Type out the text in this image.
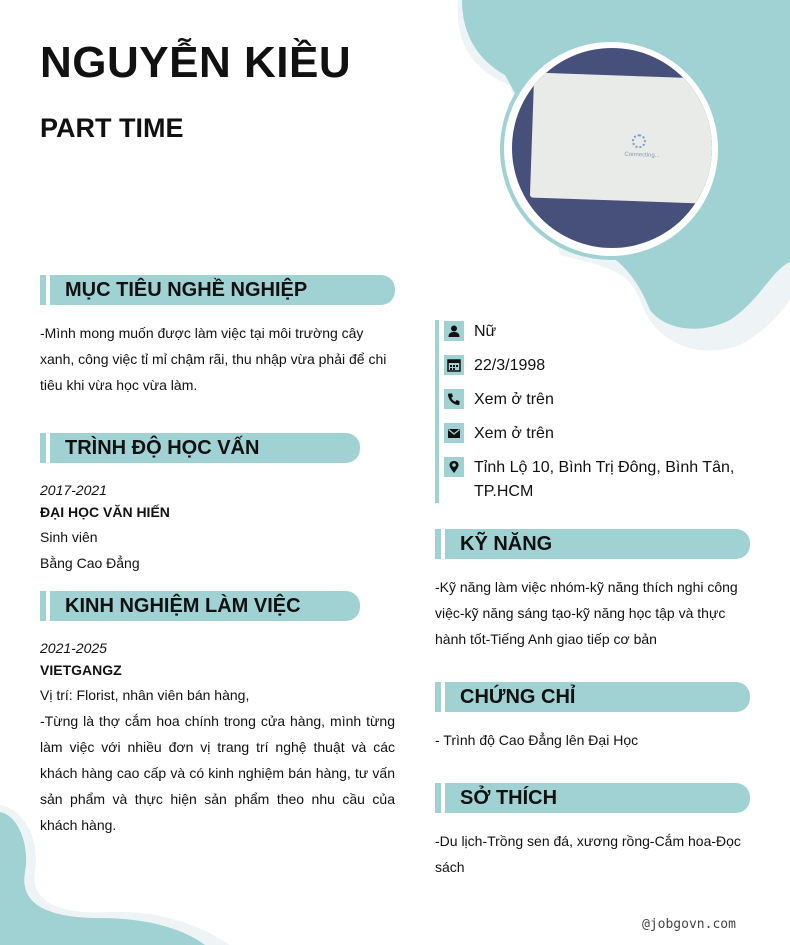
NGUYỄN KIỀU
PART TIME
Connecting...
MỤC TIÊU NGHỀ NGHIỆP
-Mình mong muốn được làm việc tại môi trường cây
xanh, công việc tỉ mỉ chậm rãi, thu nhập vừa phải để chi
tiêu khi vừa học vừa làm.
TRÌNH ĐỘ HỌC VẤN
2017-2021
ĐẠI HỌC VĂN HIẾN
Sinh viên
Bằng Cao Đẳng
KINH NGHIỆM LÀM VIỆC
2021-2025
VIETGANGZ
Vị trí: Florist, nhân viên bán hàng,

-Từng là thợ cắm hoa chính trong cửa hàng, mình từng làm việc với nhiều đơn vị trang trí nghệ thuật và các khách hàng cao cấp và có kinh nghiệm bán hàng, tư vấn sản phẩm và thực hiện sản phẩm theo nhu cầu của khách hàng.

Nữ
22/3/1998
Xem ở trên
Xem ở trên
Tỉnh Lộ 10, Bình Trị Đông, Bình Tân,
TP.HCM
KỸ NĂNG
-Kỹ năng làm việc nhóm-kỹ năng thích nghi công
việc-kỹ năng sáng tạo-kỹ năng học tập và thực
hành tốt-Tiếng Anh giao tiếp cơ bản
CHỨNG CHỈ
- Trình độ Cao Đẳng lên Đại Học
SỞ THÍCH
-Du lịch-Trồng sen đá, xương rồng-Cắm hoa-Đọc
sách
@jobgovn.com
